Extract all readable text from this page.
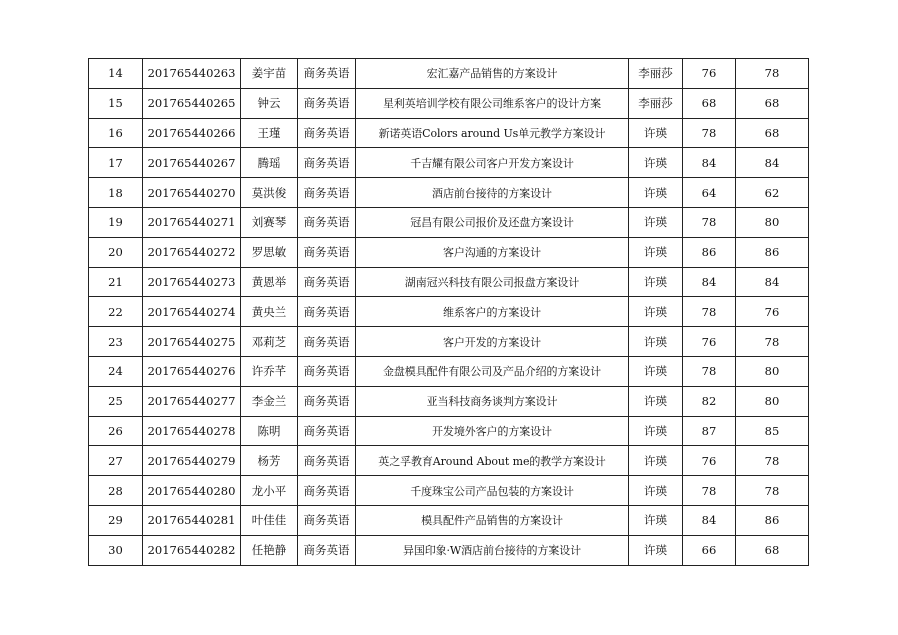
14	201765440263	姜宇苗	商务英语	宏汇嘉产品销售的方案设计	李丽莎	76	78
15	201765440265	钟云	商务英语	星利英培训学校有限公司维系客户的设计方案	李丽莎	68	68
16	201765440266	王瑾	商务英语	新诺英语Colors around Us单元教学方案设计	许瑛	78	68
17	201765440267	腾瑶	商务英语	千吉耀有限公司客户开发方案设计	许瑛	84	84
18	201765440270	莫洪俊	商务英语	酒店前台接待的方案设计	许瑛	64	62
19	201765440271	刘赛琴	商务英语	冠昌有限公司报价及还盘方案设计	许瑛	78	80
20	201765440272	罗思敏	商务英语	客户沟通的方案设计	许瑛	86	86
21	201765440273	黄恩举	商务英语	湖南冠兴科技有限公司报盘方案设计	许瑛	84	84
22	201765440274	黄央兰	商务英语	维系客户的方案设计	许瑛	78	76
23	201765440275	邓莉芝	商务英语	客户开发的方案设计	许瑛	76	78
24	201765440276	许乔芊	商务英语	金盘模具配件有限公司及产品介绍的方案设计	许瑛	78	80
25	201765440277	李金兰	商务英语	亚当科技商务谈判方案设计	许瑛	82	80
26	201765440278	陈明	商务英语	开发境外客户的方案设计	许瑛	87	85
27	201765440279	杨芳	商务英语	英之孚教育Around About me的教学方案设计	许瑛	76	78
28	201765440280	龙小平	商务英语	千度珠宝公司产品包装的方案设计	许瑛	78	78
29	201765440281	叶佳佳	商务英语	模具配件产品销售的方案设计	许瑛	84	86
30	201765440282	任艳静	商务英语	异国印象·W酒店前台接待的方案设计	许瑛	66	68
